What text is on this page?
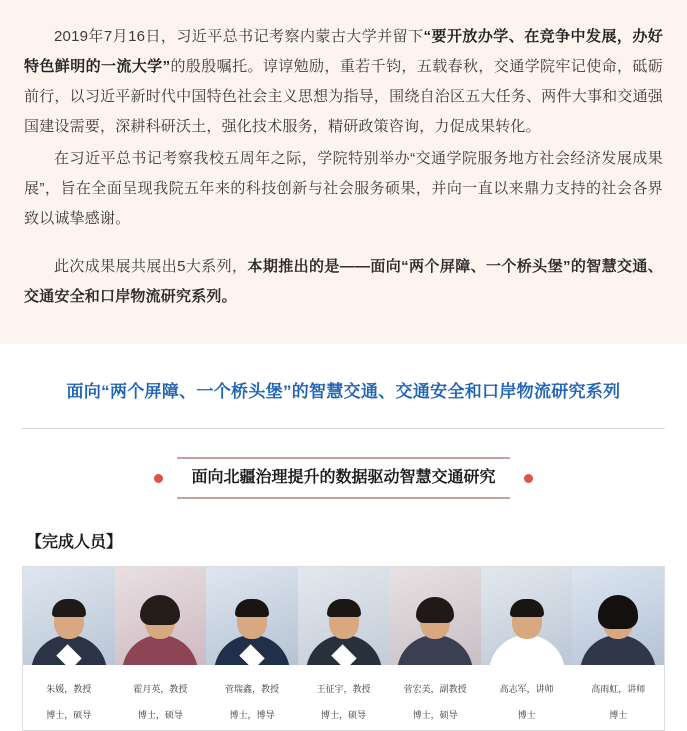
2019年7月16日，习近平总书记考察内蒙古大学并留下“要开放办学、在竞争中发展，办好特色鲜明的一流大学”的殷殷嘱托。谆谆勉励，重若千钧，五载春秋，交通学院牢记使命，砥砺前行，以习近平新时代中国特色社会主义思想为指导，围绕自治区五大任务、两件大事和交通强国建设需要，深耕科研沃土，强化技术服务，精研政策咨询，力促成果转化。

在习近平总书记考察我校五周年之际，学院特别举办“交通学院服务地方社会经济发展成果展”，旨在全面呈现我院五年来的科技创新与社会服务硕果，并向一直以来鼎力支持的社会各界致以诚挚感谢。

此次成果展共展出5大系列，本期推出的是——面向“两个屏障、一个桥头堡”的智慧交通、交通安全和口岸物流研究系列。

面向“两个屏障、一个桥头堡”的智慧交通、交通安全和口岸物流研究系列
面向北疆治理提升的数据驱动智慧交通研究
【完成人员】

朱媛，教授

博士，硕导

霍月英，教授

博士，硕导

菅瑞鑫，教授

博士，博导

王征宇，教授

博士，硕导

菅宏美，副教授

博士，硕导

高志军，讲师

博士

高雨虹，讲师

博士
